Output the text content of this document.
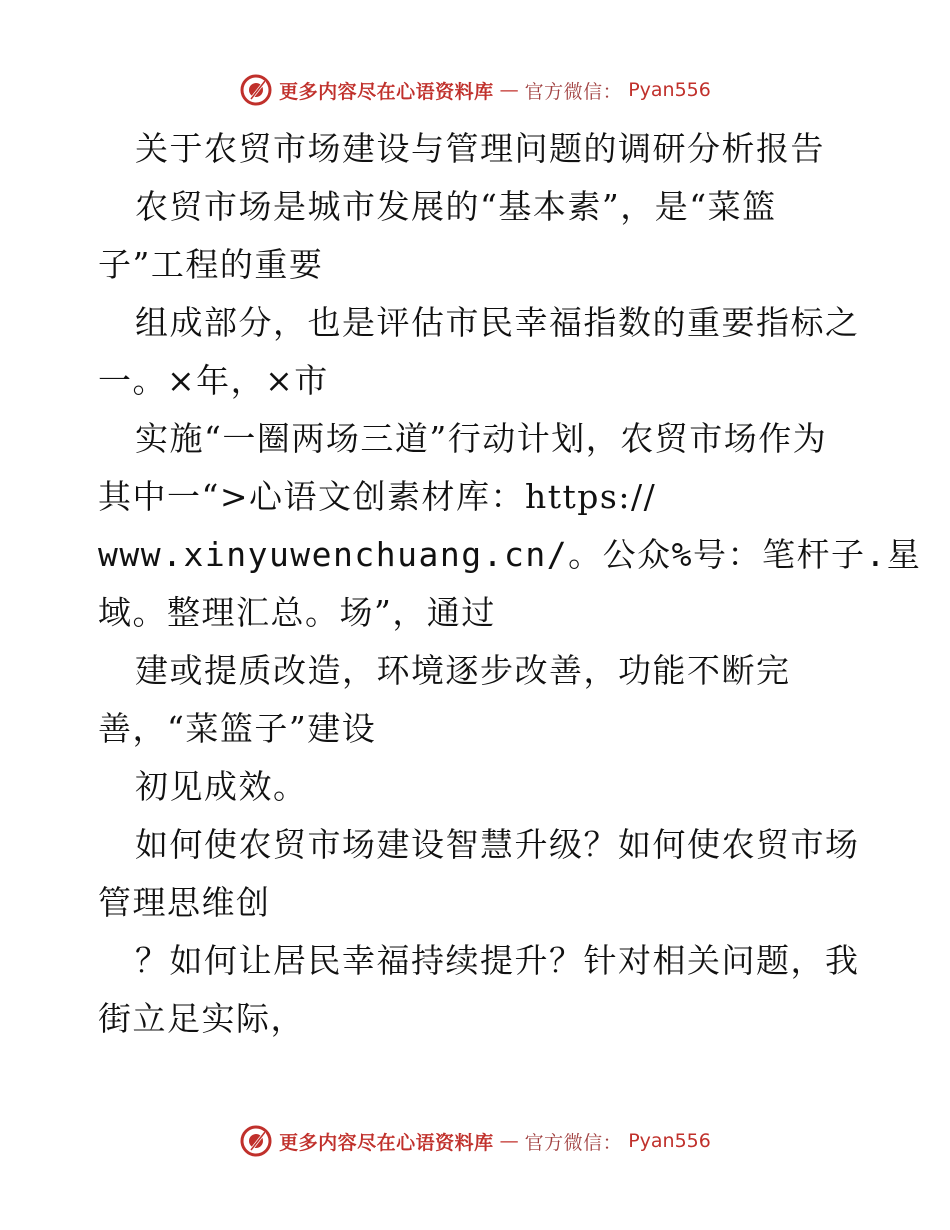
更多内容尽在心语资料库 — 官方微信： Pyan556
关于农贸市场建设与管理问题的调研分析报告
农贸市场是城市发展的“基本素”，是“菜篮
子”工程的重要
组成部分，也是评估市民幸福指数的重要指标之
一。×年，×市
实施“一圈两场三道”行动计划，农贸市场作为
其中一“>心语文创素材库：https://
www.xinyuwenchuang.cn/。公众%号：笔杆子.星
域。整理汇总。场”，通过
建或提质改造，环境逐步改善，功能不断完
善，“菜篮子”建设
初见成效。
如何使农贸市场建设智慧升级？如何使农贸市场
管理思维创
？如何让居民幸福持续提升？针对相关问题，我
街立足实际，
更多内容尽在心语资料库 — 官方微信： Pyan556
